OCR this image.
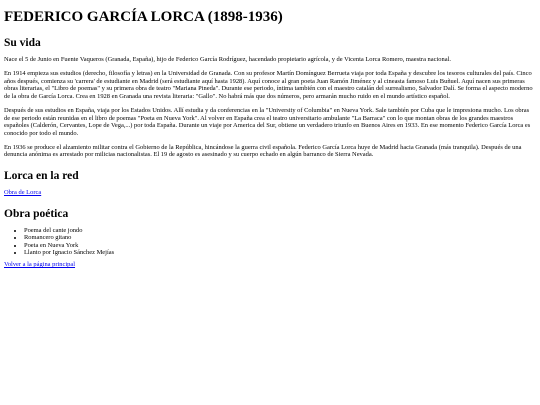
FEDERICO GARCÍA LORCA (1898-1936)
Su vida

Nace el 5 de Junio en Fuente Vaqueros (Granada, España), hijo de Federico García Rodríguez, hacendado propietario agrícola, y de Vicenta Lorca Romero, maestra nacional.

En 1914 empieza sus estudios (derecho, filosofía y letras) en la Universidad de Granada. Con su profesor Martín Domínguez Berrueta viaja por toda España y descubre los tesoros culturales del país. Cinco años después, comienza su 'carrera' de estudiante en Madrid (será estudiante aquí hasta 1928). Aquí conoce al gran poeta Juan Ramón Jiménez y al cineasta famoso Luis Buñuel. Aquí nacen sus primeras obras literarias, el "Libro de poemas" y su primera obra de teatro "Mariana Pineda". Durante ese periodo, íntima también con el maestro catalán del surrealismo, Salvador Dalí. Se forma el aspecto moderno de la obra de García Lorca. Crea en 1928 en Granada una revista literaria: "Gallo". No habrá más que dos números, pero armarán mucho ruido en el mundo artístico español.

Después de sus estudios en España, viaja por los Estados Unidos. Allí estudia y da conferencias en la "University of Columbia" en Nueva York. Sale también por Cuba que le impresiona mucho. Los obras de ese periodo están reunidas en el libro de poemas "Poeta en Nueva York". Al volver en España crea el teatro universitario ambulante "La Barraca" con lo que montan obras de los grandes maestros españoles (Calderón, Cervantes, Lope de Vega,...) por toda España. Durante un viaje por America del Sur, obtiene un verdadero triunfo en Buenos Aires en 1933. En ese momento Federico García Lorca es conocido por todo el mundo.

En 1936 se produce el alzamiento militar contra el Gobierno de la República, hincándose la guerra civil española. Federico García Lorca huye de Madrid hacia Granada (más tranquila). Después de una denuncia anónima es arrestado por milicias nacionalistas. El 19 de agosto es asesinado y su cuerpo echado en algún barranco de Sierra Nevada.

Lorca en la red
Obra de Lorca
Obra poética
• Poema del cante jondo
• Romancero gitano
• Poeta en Nueva York
• Llanto por Ignacio Sánchez Mejías
Volver a la página principal
